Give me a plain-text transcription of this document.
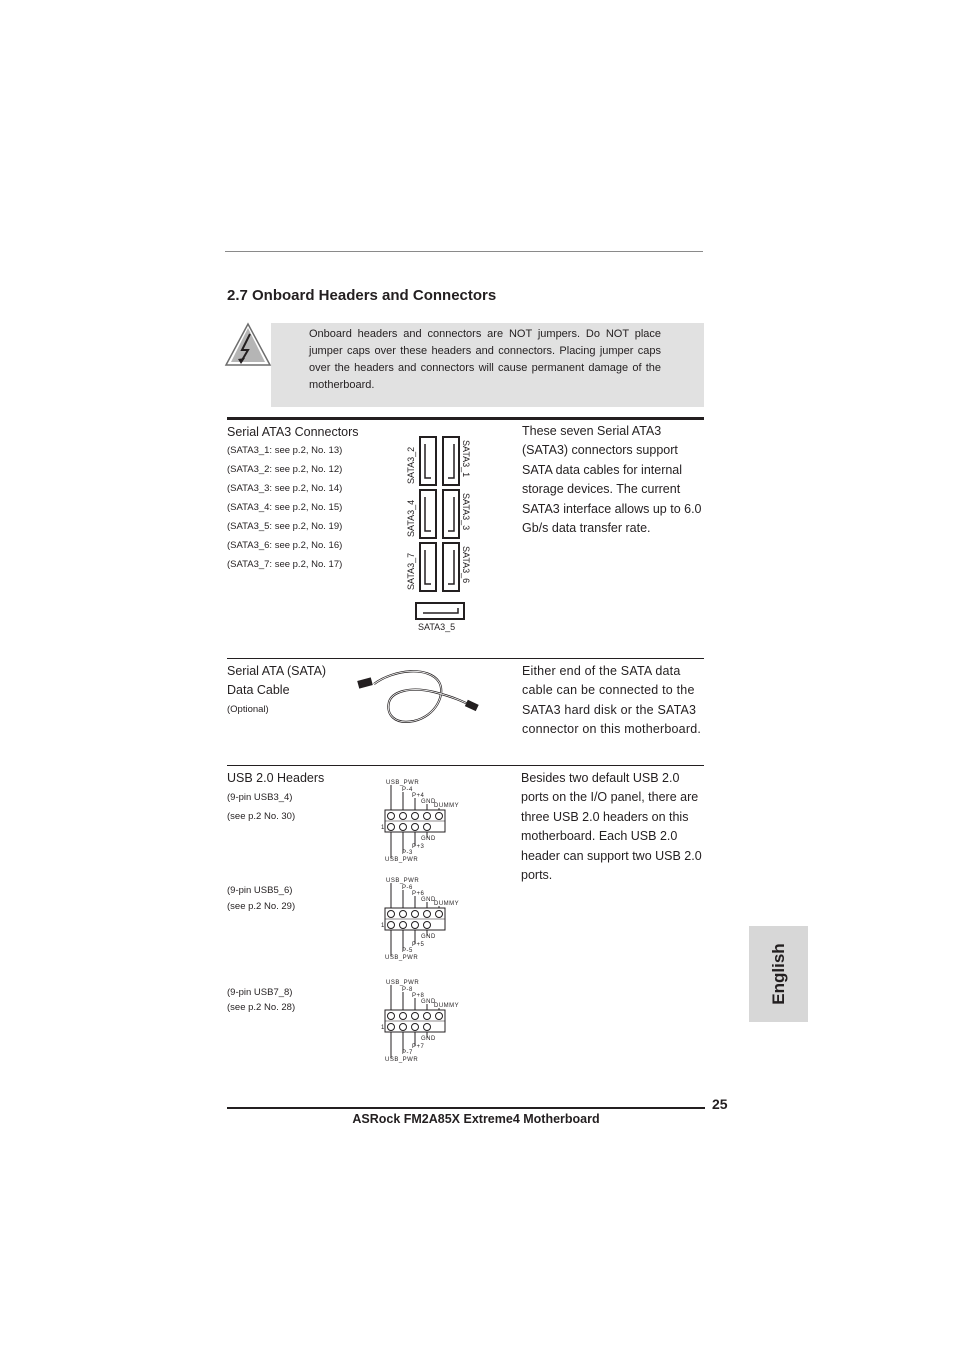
2.7 Onboard Headers and Connectors
Onboard headers and connectors are NOT jumpers. Do NOT place jumper caps over these headers and connectors. Placing jumper caps over the headers and connectors will cause permanent damage of the motherboard.
Serial ATA3 Connectors
(SATA3_1: see p.2, No. 13)
(SATA3_2: see p.2, No. 12)
(SATA3_3: see p.2, No. 14)
(SATA3_4: see p.2, No. 15)
(SATA3_5: see p.2, No. 19)
(SATA3_6: see p.2, No. 16)
(SATA3_7: see p.2, No. 17)
SATA3_2	SATA3_1
SATA3_4	SATA3_3
SATA3_7	SATA3_6
SATA3_5
These seven Serial ATA3 (SATA3) connectors support SATA data cables for internal storage devices. The current SATA3 interface allows up to 6.0 Gb/s data transfer rate.
Serial ATA (SATA)
Data Cable
(Optional)
Either end of the SATA data cable can be connected to the SATA3 hard disk or the SATA3 connector on this motherboard.
USB 2.0 Headers
(9-pin USB3_4)
(see p.2 No. 30)
(9-pin USB5_6)
(see p.2 No. 29)
(9-pin USB7_8)
(see p.2 No. 28)
USB_PWR
P-4
P+4
GND
DUMMY
1
GND
P+3
P-3
USB_PWR
USB_PWR
P-6
P+6
GND
DUMMY
1
GND
P+5
P-5
USB_PWR
USB_PWR
P-8
P+8
GND
DUMMY
1
GND
P+7
P-7
USB_PWR
Besides two default USB 2.0 ports on the I/O panel, there are three USB 2.0 headers on this motherboard. Each USB 2.0 header can support two USB 2.0 ports.
English
25
ASRock FM2A85X Extreme4 Motherboard
